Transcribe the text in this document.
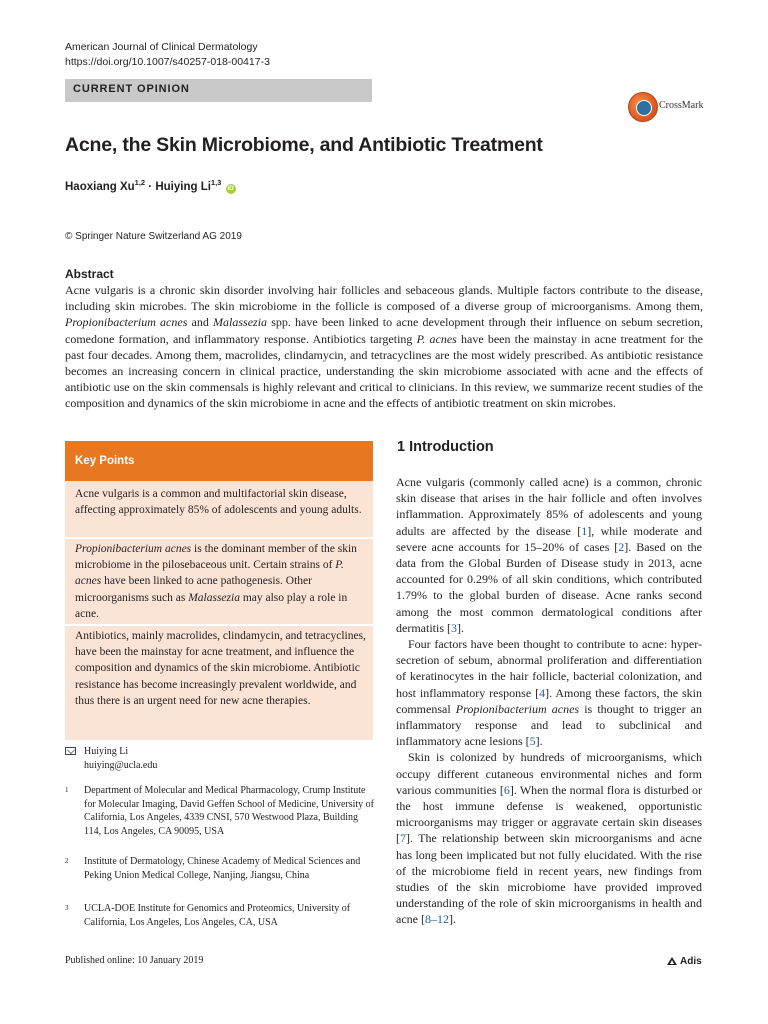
American Journal of Clinical Dermatology
https://doi.org/10.1007/s40257-018-00417-3
CURRENT OPINION
CrossMark
Acne, the Skin Microbiome, and Antibiotic Treatment
Haoxiang Xu$^{1,2}$ · Huiying Li$^{1,3}$ iD
© Springer Nature Switzerland AG 2019
Abstract
Acne vulgaris is a chronic skin disorder involving hair follicles and sebaceous glands. Multiple factors contribute to the disease, including skin microbes. The skin microbiome in the follicle is composed of a diverse group of microorganisms. Among them, Propionibacterium acnes and Malassezia spp. have been linked to acne development through their influence on sebum secretion, comedone formation, and inflammatory response. Antibiotics targeting P. acnes have been the mainstay in acne treatment for the past four decades. Among them, macrolides, clindamycin, and tetracyclines are the most widely prescribed. As antibiotic resistance becomes an increasing concern in clinical practice, understanding the skin microbiome associated with acne and the effects of antibiotic use on the skin commensals is highly relevant and critical to clinicians. In this review, we summarize recent studies of the composition and dynamics of the skin microbiome in acne and the effects of antibiotic treatment on skin microbes.
Key Points
Acne vulgaris is a common and multifactorial skin disease, affecting approximately 85% of adolescents and young adults.
Propionibacterium acnes is the dominant member of the skin microbiome in the pilosebaceous unit. Certain strains of P. acnes have been linked to acne pathogenesis. Other microorganisms such as Malassezia may also play a role in acne.
Antibiotics, mainly macrolides, clindamycin, and tetracyclines, have been the mainstay for acne treatment, and influence the composition and dynamics of the skin microbiome. Antibiotic resistance has become increasingly prevalent worldwide, and thus there is an urgent need for new acne therapies.
Huiying Li
huiying@ucla.edu
1 Department of Molecular and Medical Pharmacology, Crump Institute for Molecular Imaging, David Geffen School of Medicine, University of California, Los Angeles, 4339 CNSI, 570 Westwood Plaza, Building 114, Los Angeles, CA 90095, USA
2 Institute of Dermatology, Chinese Academy of Medical Sciences and Peking Union Medical College, Nanjing, Jiangsu, China
3 UCLA-DOE Institute for Genomics and Proteomics, University of California, Los Angeles, Los Angeles, CA, USA
1 Introduction

Acne vulgaris (commonly called acne) is a common, chronic skin disease that arises in the hair follicle and often involves inflammation. Approximately 85% of adolescents and young adults are affected by the disease [1], while moderate and severe acne accounts for 15–20% of cases [2]. Based on the data from the Global Burden of Disease study in 2013, acne accounted for 0.29% of all skin conditions, which contributed 1.79% to the global burden of disease. Acne ranks second among the most common dermatological conditions after dermatitis [3].

Four factors have been thought to contribute to acne: hyper-secretion of sebum, abnormal proliferation and differentiation of keratinocytes in the hair follicle, bacterial colonization, and host inflammatory response [4]. Among these factors, the skin commensal Propionibacterium acnes is thought to trigger an inflammatory response and lead to subclinical and inflammatory acne lesions [5].

Skin is colonized by hundreds of microorganisms, which occupy different cutaneous environmental niches and form various communities [6]. When the normal flora is disturbed or the host immune defense is weakened, opportunistic microorganisms may trigger or aggravate certain skin diseases [7]. The relationship between skin microorganisms and acne has long been implicated but not fully elucidated. With the rise of the microbiome field in recent years, new findings from studies of the skin microbiome have provided improved understanding of the role of skin microorganisms in health and acne [8–12].

Published online: 10 January 2019	Adis
